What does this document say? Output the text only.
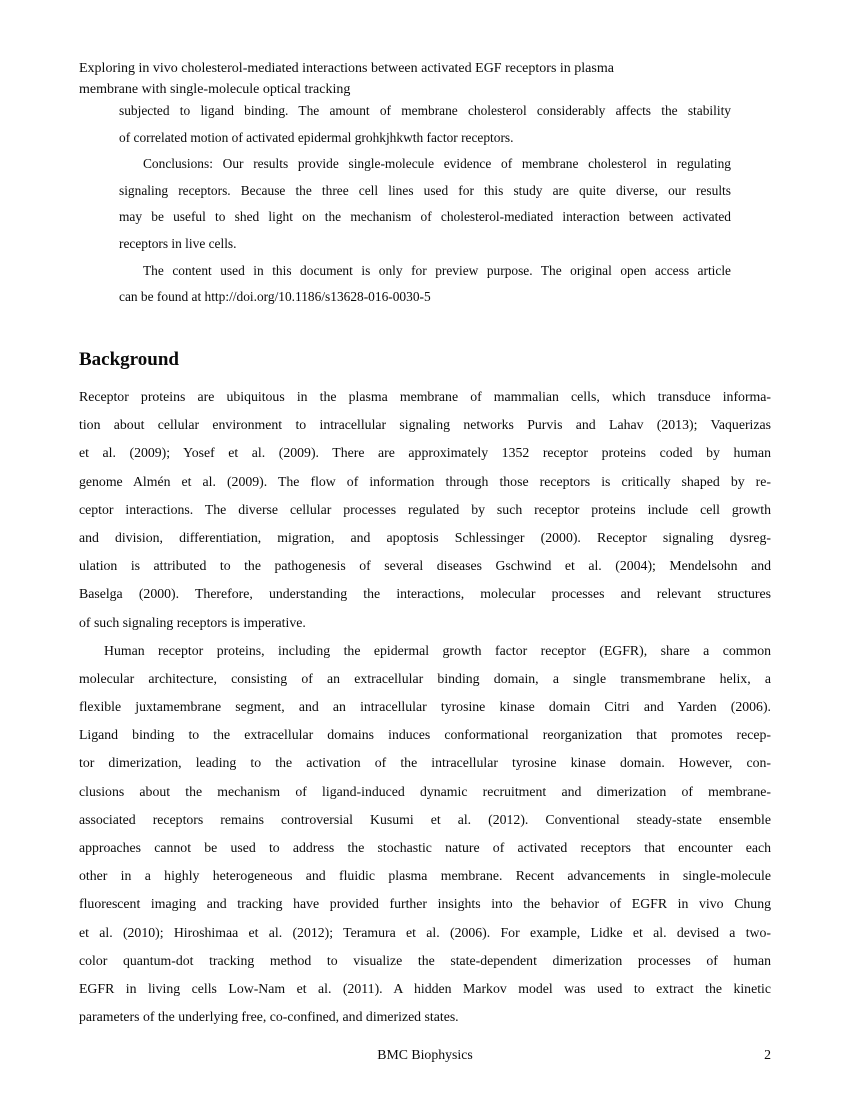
Exploring in vivo cholesterol-mediated interactions between activated EGF receptors in plasma
membrane with single-molecule optical tracking
subjected to ligand binding. The amount of membrane cholesterol considerably affects the stability
of correlated motion of activated epidermal grohkjhkwth factor receptors.
Conclusions: Our results provide single-molecule evidence of membrane cholesterol in regulating
signaling receptors. Because the three cell lines used for this study are quite diverse, our results
may be useful to shed light on the mechanism of cholesterol-mediated interaction between activated
receptors in live cells.
The content used in this document is only for preview purpose. The original open access article
can be found at http://doi.org/10.1186/s13628-016-0030-5
Background
Receptor proteins are ubiquitous in the plasma membrane of mammalian cells, which transduce informa-
tion about cellular environment to intracellular signaling networks Purvis and Lahav (2013); Vaquerizas
et al. (2009); Yosef et al. (2009). There are approximately 1352 receptor proteins coded by human
genome Almén et al. (2009). The flow of information through those receptors is critically shaped by re-
ceptor interactions. The diverse cellular processes regulated by such receptor proteins include cell growth
and division, differentiation, migration, and apoptosis Schlessinger (2000). Receptor signaling dysreg-
ulation is attributed to the pathogenesis of several diseases Gschwind et al. (2004); Mendelsohn and
Baselga (2000). Therefore, understanding the interactions, molecular processes and relevant structures
of such signaling receptors is imperative.
Human receptor proteins, including the epidermal growth factor receptor (EGFR), share a common
molecular architecture, consisting of an extracellular binding domain, a single transmembrane helix, a
flexible juxtamembrane segment, and an intracellular tyrosine kinase domain Citri and Yarden (2006).
Ligand binding to the extracellular domains induces conformational reorganization that promotes recep-
tor dimerization, leading to the activation of the intracellular tyrosine kinase domain. However, con-
clusions about the mechanism of ligand-induced dynamic recruitment and dimerization of membrane-
associated receptors remains controversial Kusumi et al. (2012). Conventional steady-state ensemble
approaches cannot be used to address the stochastic nature of activated receptors that encounter each
other in a highly heterogeneous and fluidic plasma membrane. Recent advancements in single-molecule
fluorescent imaging and tracking have provided further insights into the behavior of EGFR in vivo Chung
et al. (2010); Hiroshimaa et al. (2012); Teramura et al. (2006). For example, Lidke et al. devised a two-
color quantum-dot tracking method to visualize the state-dependent dimerization processes of human
EGFR in living cells Low-Nam et al. (2011). A hidden Markov model was used to extract the kinetic
parameters of the underlying free, co-confined, and dimerized states.
BMC Biophysics	2
